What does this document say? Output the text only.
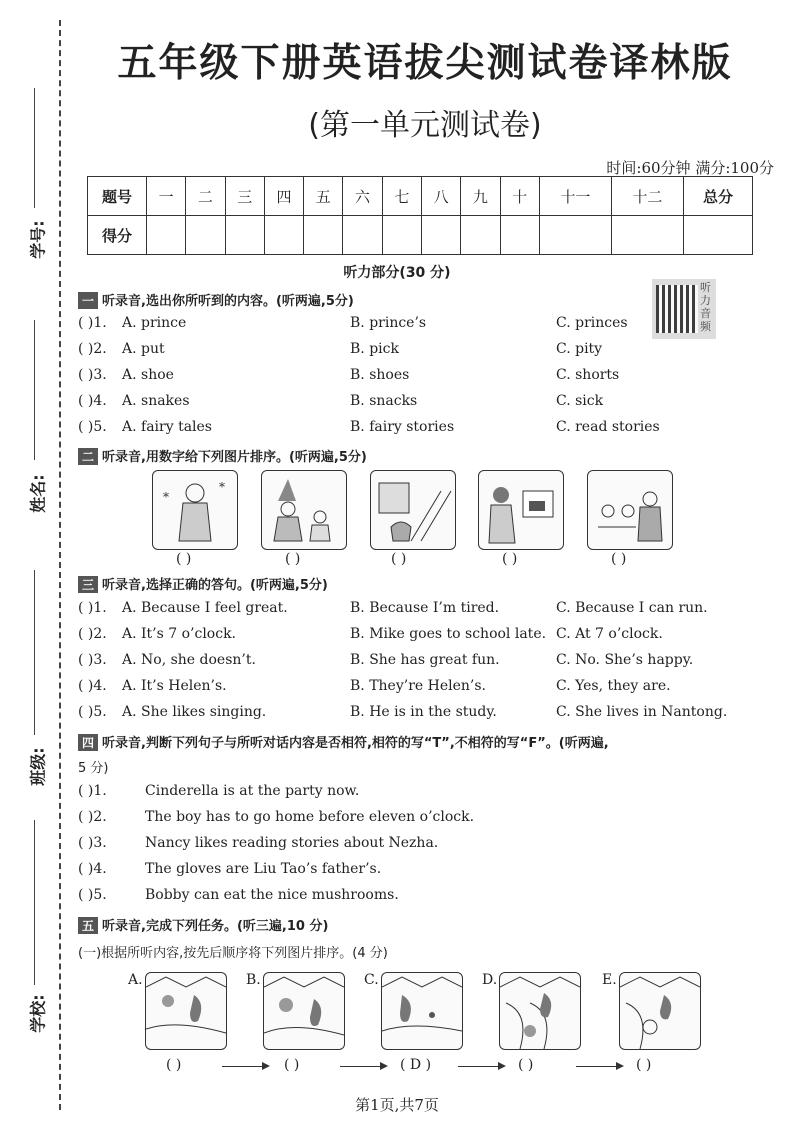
学号:
姓名:
班级:
学校:
五年级下册英语拔尖测试卷译林版
(第一单元测试卷)
时间:60分钟 满分:100分
题号	一	二	三	四	五	六	七	八	九	十	十一	十二	总分
得分													
听力部分(30 分)
一 听录音,选出你所听到的内容。(听两遍,5分)
听力音频
( )1. A. prince	B. prince’s	C. princes
( )2. A. put	B. pick	C. pity
( )3. A. shoe	B. shoes	C. shorts
( )4. A. snakes	B. snacks	C. sick
( )5. A. fairy tales	B. fairy stories	C. read stories
二 听录音,用数字给下列图片排序。(听两遍,5分)
*
*
( )	( )	( )	( )	( )
三 听录音,选择正确的答句。(听两遍,5分)
( )1. A. Because I feel great.	B. Because I’m tired.	C. Because I can run.
( )2. A. It’s 7 o’clock.	B. Mike goes to school late. C. At 7 o’clock.
( )3. A. No, she doesn’t.	B. She has great fun.	C. No. She’s happy.
( )4. A. It’s Helen’s.	B. They’re Helen’s.	C. Yes, they are.
( )5. A. She likes singing.	B. He is in the study.	C. She lives in Nantong.
四 听录音,判断下列句子与所听对话内容是否相符,相符的写“T”,不相符的写“F”。(听两遍,
5 分)
( )1.	Cinderella is at the party now.
( )2.	The boy has to go home before eleven o’clock.
( )3.	Nancy likes reading stories about Nezha.
( )4.	The gloves are Liu Tao’s father’s.
( )5.	Bobby can eat the nice mushrooms.
五 听录音,完成下列任务。(听三遍,10 分)
(一)根据所听内容,按先后顺序将下列图片排序。(4 分)
A.	B.	C.	D.	E.
( )	( )	( D )	( )	( )
第1页,共7页
